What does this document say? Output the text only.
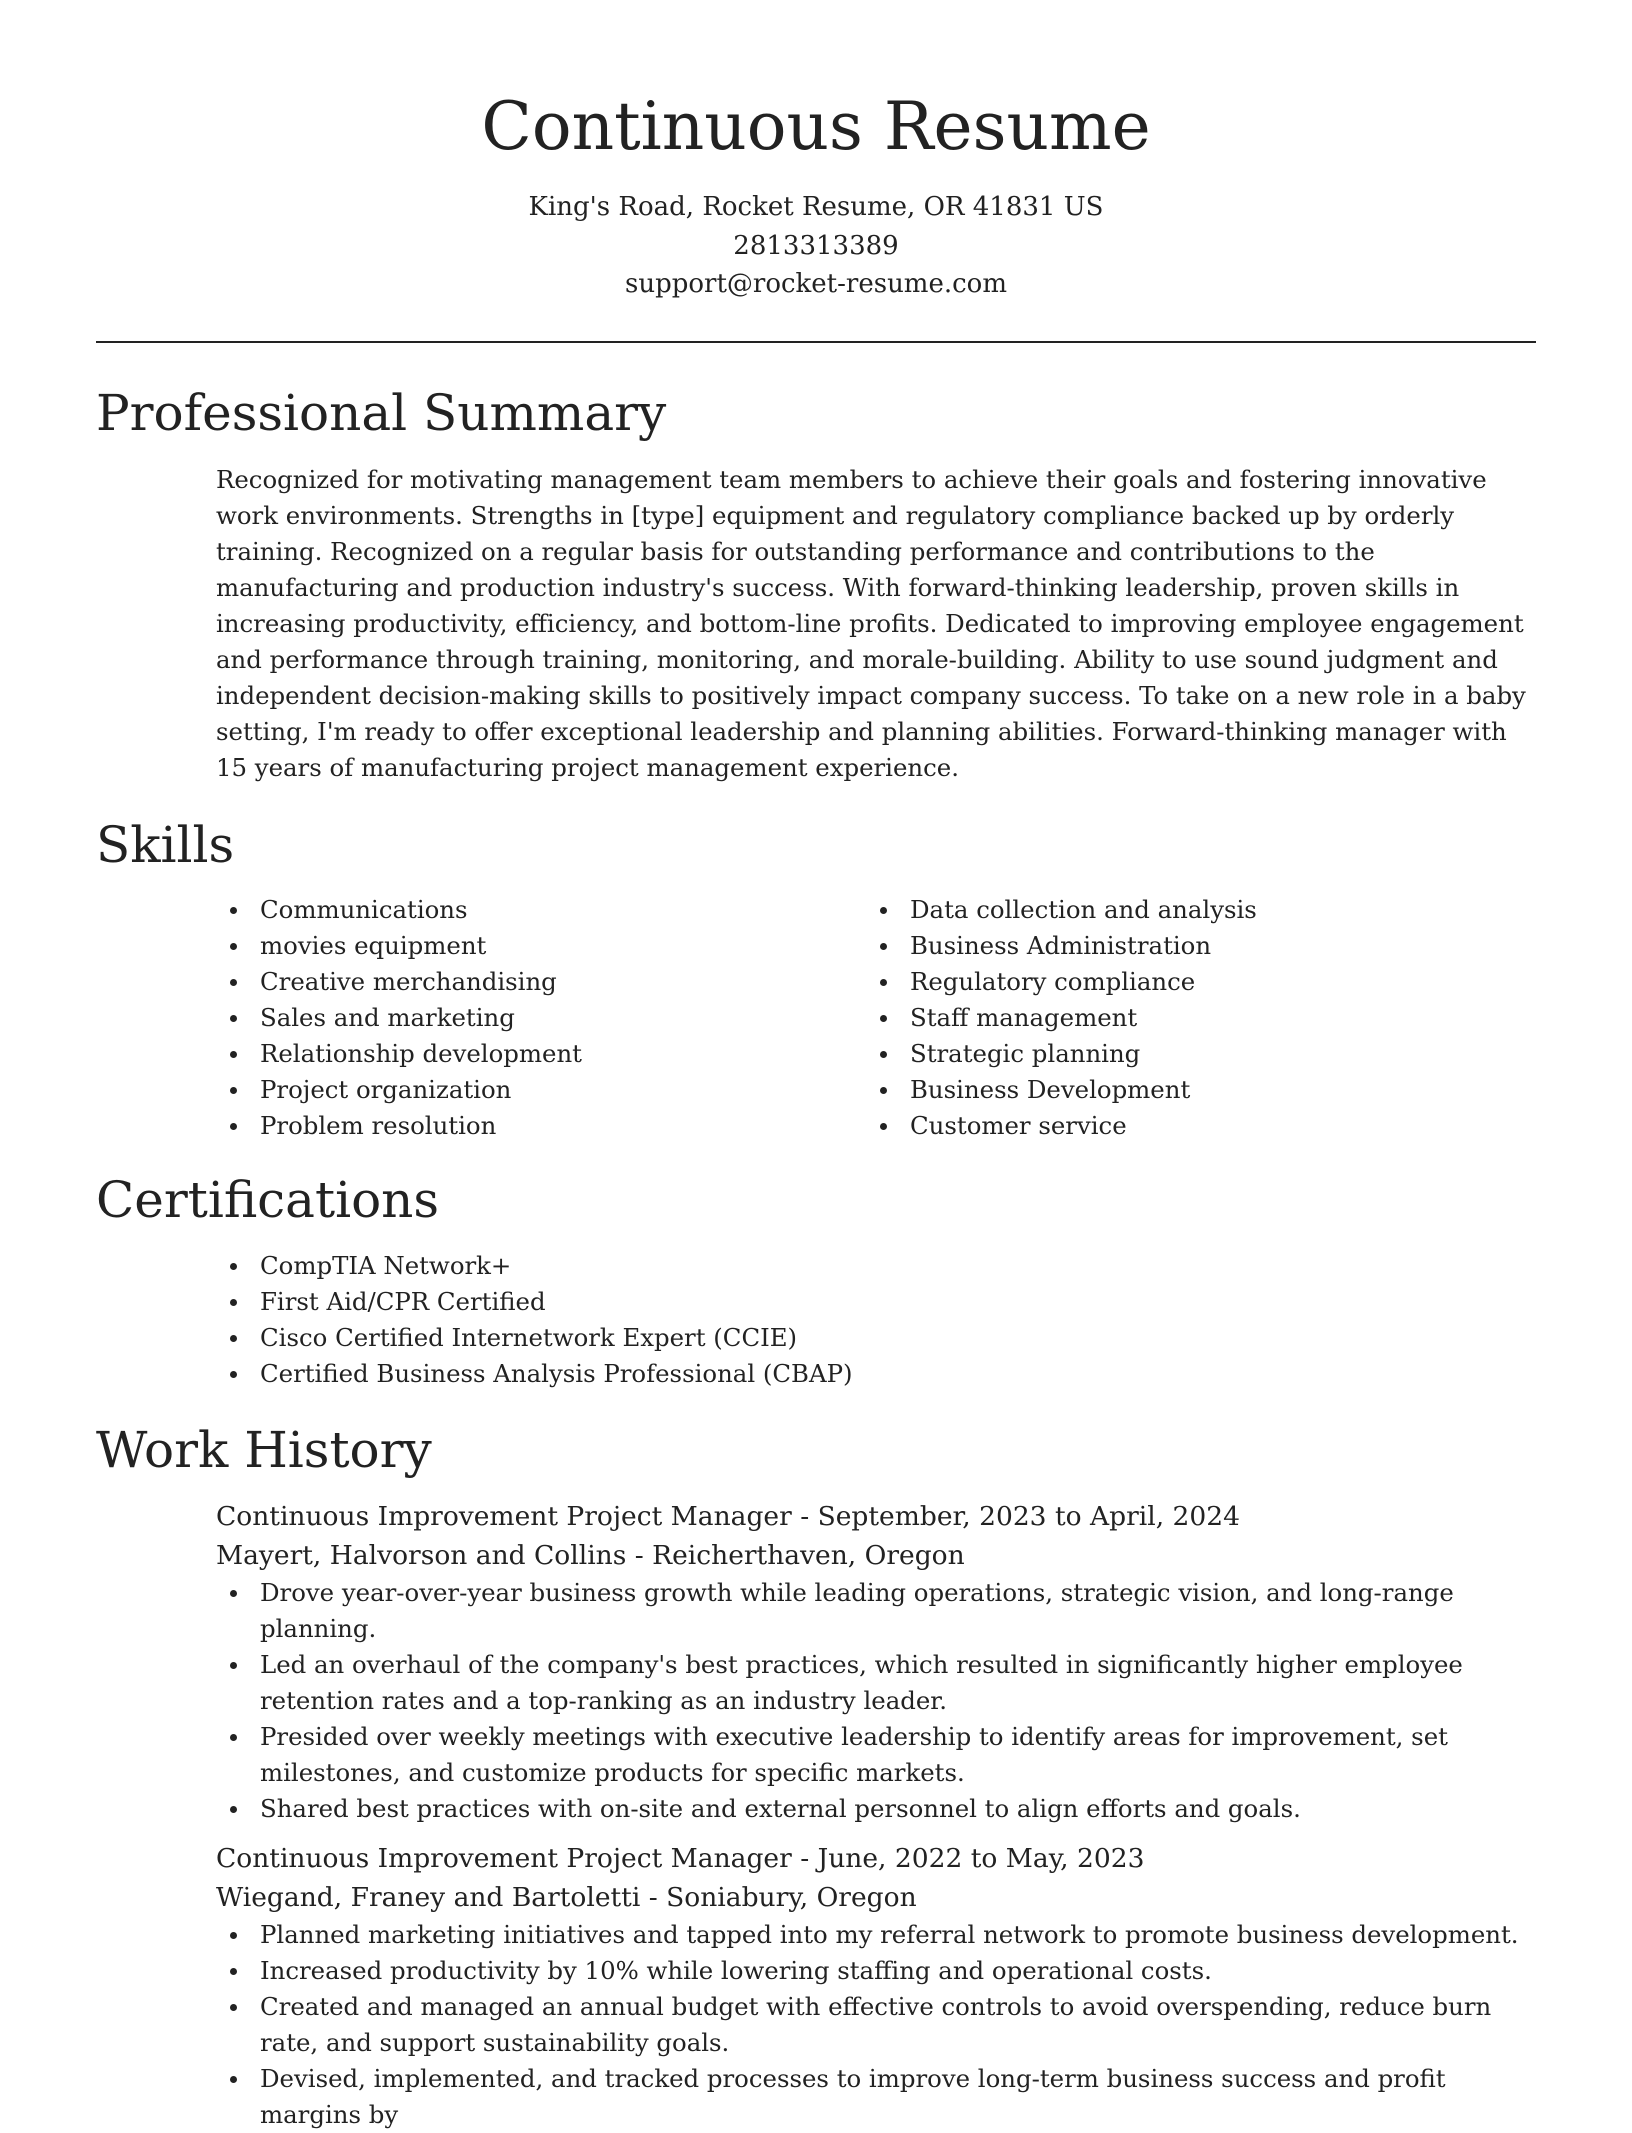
Continuous Resume
King's Road, Rocket Resume, OR 41831 US
2813313389
support@rocket-resume.com
Professional Summary

Recognized for motivating management team members to achieve their goals and fostering innovative work environments. Strengths in [type] equipment and regulatory compliance backed up by orderly training. Recognized on a regular basis for outstanding performance and contributions to the manufacturing and production industry's success. With forward-thinking leadership, proven skills in increasing productivity, efficiency, and bottom-line profits. Dedicated to improving employee engagement and performance through training, monitoring, and morale-building. Ability to use sound judgment and independent decision-making skills to positively impact company success. To take on a new role in a baby setting, I'm ready to offer exceptional leadership and planning abilities. Forward-thinking manager with 15 years of manufacturing project management experience.

Skills
Communications
movies equipment
Creative merchandising
Sales and marketing
Relationship development
Project organization
Problem resolution
Data collection and analysis
Business Administration
Regulatory compliance
Staff management
Strategic planning
Business Development
Customer service
Certifications
CompTIA Network+
First Aid/CPR Certified
Cisco Certified Internetwork Expert (CCIE)
Certified Business Analysis Professional (CBAP)
Work History
Continuous Improvement Project Manager - September, 2023 to April, 2024
Mayert, Halvorson and Collins - Reicherthaven, Oregon
Drove year-over-year business growth while leading operations, strategic vision, and long-range planning.
Led an overhaul of the company's best practices, which resulted in significantly higher employee retention rates and a top-ranking as an industry leader.
Presided over weekly meetings with executive leadership to identify areas for improvement, set milestones, and customize products for specific markets.
Shared best practices with on-site and external personnel to align efforts and goals.
Continuous Improvement Project Manager - June, 2022 to May, 2023
Wiegand, Franey and Bartoletti - Soniabury, Oregon
Planned marketing initiatives and tapped into my referral network to promote business development.
Increased productivity by 10% while lowering staffing and operational costs.
Created and managed an annual budget with effective controls to avoid overspending, reduce burn rate, and support sustainability goals.
Devised, implemented, and tracked processes to improve long-term business success and profit margins by
